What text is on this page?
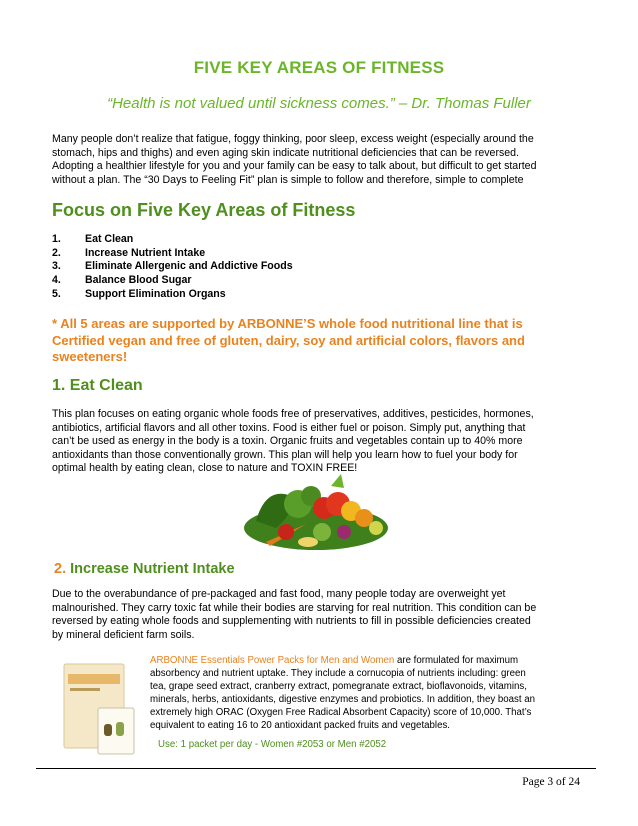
FIVE KEY AREAS OF FITNESS
“Health is not valued until sickness comes.” – Dr. Thomas Fuller

Many people don’t realize that fatigue, foggy thinking, poor sleep, excess weight (especially around the
stomach, hips and thighs) and even aging skin indicate nutritional deficiencies that can be reversed.
Adopting a healthier lifestyle for you and your family can be easy to talk about, but difficult to get started
without a plan. The “30 Days to Feeling Fit” plan is simple to follow and therefore, simple to complete

Focus on Five Key Areas of Fitness
1.	Eat Clean
2.	Increase Nutrient Intake
3.	Eliminate Allergenic and Addictive Foods
4.	Balance Blood Sugar
5.	Support Elimination Organs

* All 5 areas are supported by ARBONNE’S whole food nutritional line that is
Certified vegan and free of gluten, dairy, soy and artificial colors, flavors and
sweeteners!

1. Eat Clean

This plan focuses on eating organic whole foods free of preservatives, additives, pesticides, hormones,
antibiotics, artificial flavors and all other toxins. Food is either fuel or poison. Simply put, anything that
can’t be used as energy in the body is a toxin. Organic fruits and vegetables contain up to 40% more
antioxidants than those conventionally grown. This plan will help you learn how to fuel your body for
optimal health by eating clean, close to nature and TOXIN FREE!

2. Increase Nutrient Intake

Due to the overabundance of pre-packaged and fast food, many people today are overweight yet
malnourished. They carry toxic fat while their bodies are starving for real nutrition. This condition can be
reversed by eating whole foods and supplementing with nutrients to fill in possible deficiencies created
by mineral deficient farm soils.

ARBONNE Essentials Power Packs for Men and Women are formulated for maximum
absorbency and nutrient uptake. They include a cornucopia of nutrients including: green
tea, grape seed extract, cranberry extract, pomegranate extract, bioflavonoids, vitamins,
minerals, herbs, antioxidants, digestive enzymes and probiotics. In addition, they boast an
extremely high ORAC (Oxygen Free Radical Absorbent Capacity) score of 10,000. That’s
equivalent to eating 16 to 20 antioxidant packed fruits and vegetables.

Use: 1 packet per day - Women #2053 or Men #2052
Page 3 of 24
